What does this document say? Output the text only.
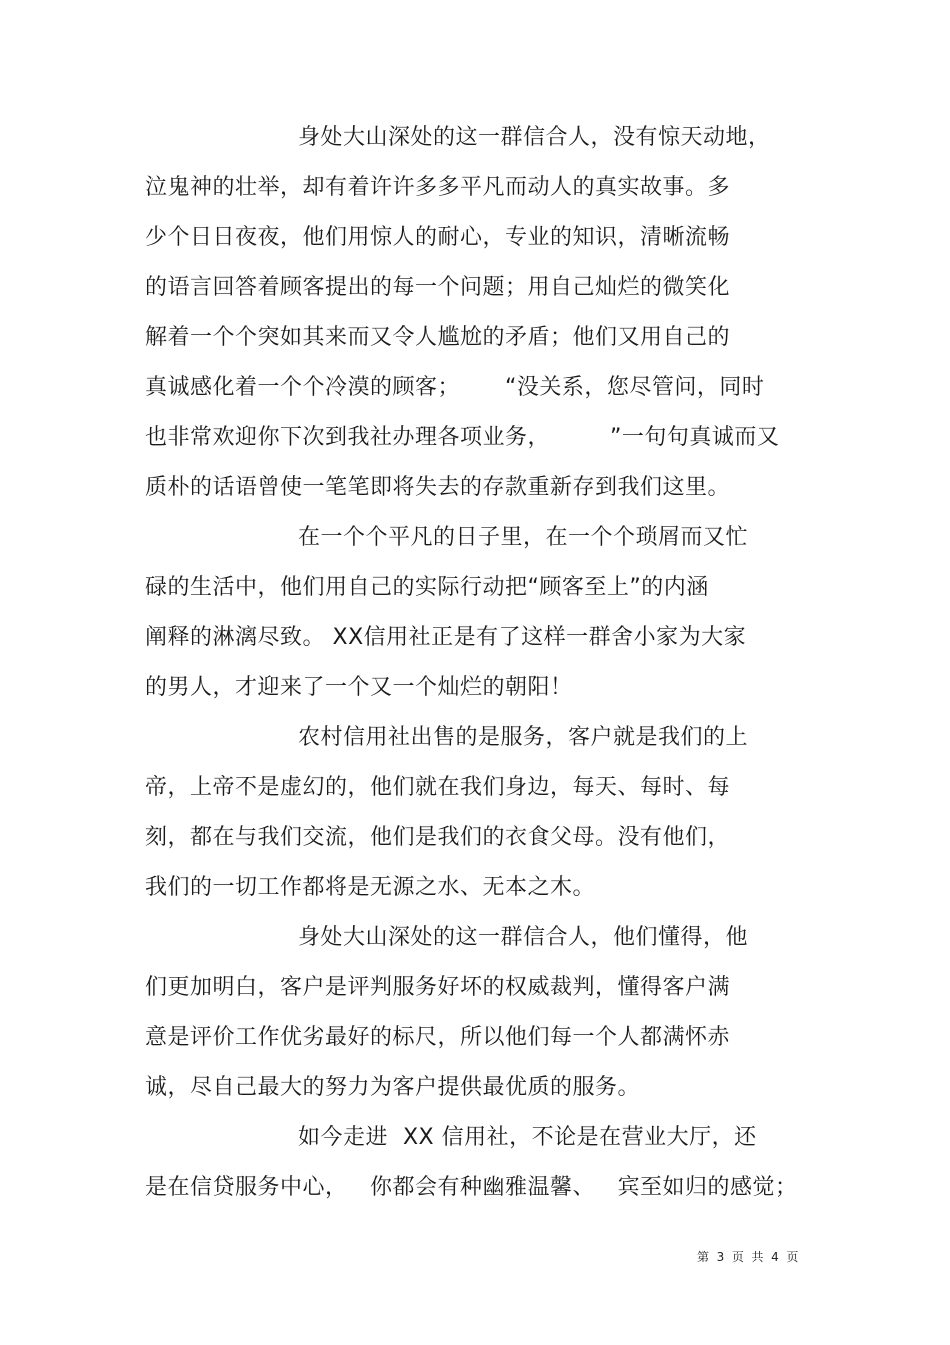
身处大山深处的这一群信合人，没有惊天动地，
泣鬼神的壮举，却有着许许多多平凡而动人的真实故事。多
少个日日夜夜，他们用惊人的耐心，专业的知识，清晰流畅
的语言回答着顾客提出的每一个问题；用自己灿烂的微笑化
解着一个个突如其来而又令人尴尬的矛盾；他们又用自己的
真诚感化着一个个冷漠的顾客；      “没关系，您尽管问，同时
也非常欢迎你下次到我社办理各项业务，        ”一句句真诚而又
质朴的话语曾使一笔笔即将失去的存款重新存到我们这里。
在一个个平凡的日子里，在一个个琐屑而又忙
碌的生活中，他们用自己的实际行动把“顾客至上”的内涵
阐释的淋漓尽致。 XX信用社正是有了这样一群舍小家为大家
的男人，才迎来了一个又一个灿烂的朝阳！
农村信用社出售的是服务，客户就是我们的上
帝，上帝不是虚幻的，他们就在我们身边，每天、每时、每
刻，都在与我们交流，他们是我们的衣食父母。没有他们，
我们的一切工作都将是无源之水、无本之木。
身处大山深处的这一群信合人，他们懂得，他
们更加明白，客户是评判服务好坏的权威裁判，懂得客户满
意是评价工作优劣最好的标尺，所以他们每一个人都满怀赤
诚，尽自己最大的努力为客户提供最优质的服务。
如今走进  XX 信用社，不论是在营业大厅，还
是在信贷服务中心，   你都会有种幽雅温馨、   宾至如归的感觉；
第  3  页  共  4  页
